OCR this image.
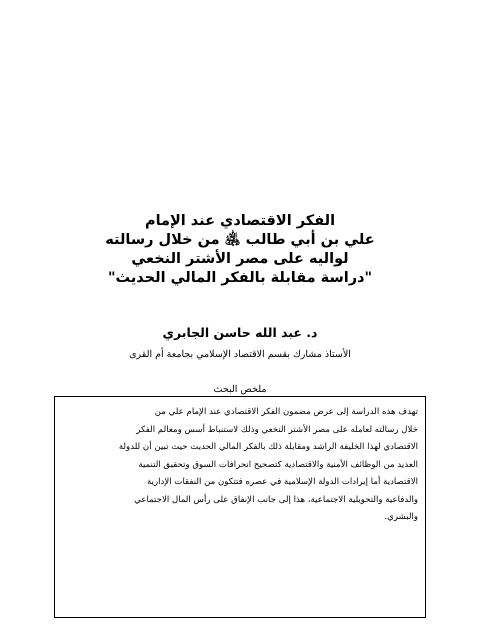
الفكر الاقتصادي عند الإمام
علي بن أبي طالب ﵁ من خلال رسالته
لواليه على مصر الأشتر النخعي
"دراسة مقابلة بالفكر المالي الحديث"
د. عبد الله حاسن الجابري
الأستاذ مشارك بقسم الاقتصاد الإسلامي بجامعة أم القرى
ملخص البحث
تهدف هذه الدراسة إلى عرض مضمون الفكر الاقتصادي عند الإمام علي من
خلال رسالته لعامله على مصر الأشتر النخعي وذلك لاستنباط أسس ومعالم الفكر
الاقتصادي لهذا الخليفة الراشد ومقابلة ذلك بالفكر المالي الحديث حيث تبين أن للدولة
العديد من الوظائف الأمنية والاقتصادية كتصحيح انحرافات السوق وتحقيق التنمية
الاقتصادية أما إيرادات الدولة الإسلامية في عصره فتتكون من النفقات الإدارية
والدفاعية والتحويلية الاجتماعية، هذا إلى جانب الإنفاق على رأس المال الاجتماعي
والبشري.
